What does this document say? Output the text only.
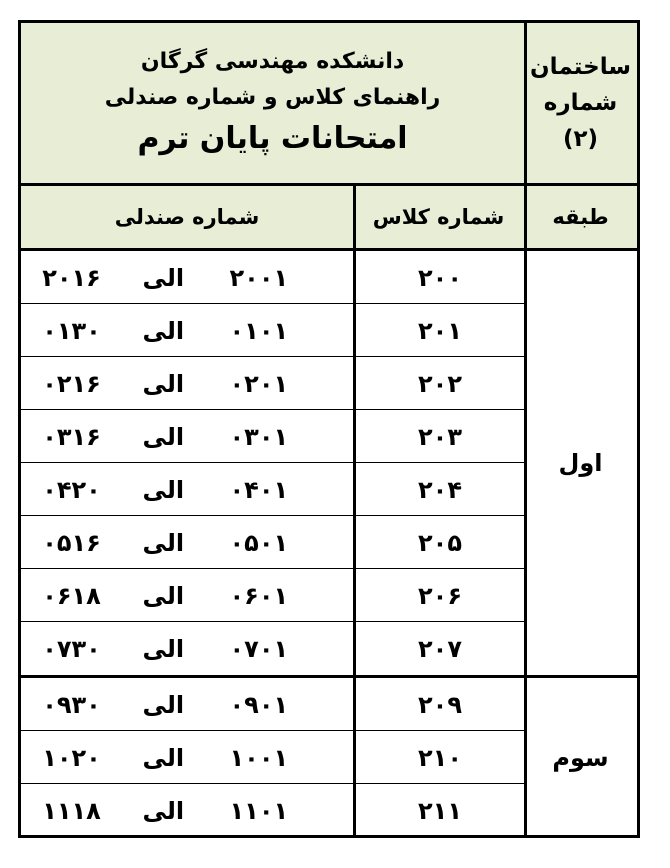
ساختمان
شماره
(۲)
دانشکده مهندسی گرگان
راهنمای کلاس و شماره صندلی
امتحانات پایان ترم
طبقه
شماره کلاس
شماره صندلی
اول
سوم
۲۰۰
۲۰۰۱
الی
۲۰۱۶
۲۰۱
۰۱۰۱
الی
۰۱۳۰
۲۰۲
۰۲۰۱
الی
۰۲۱۶
۲۰۳
۰۳۰۱
الی
۰۳۱۶
۲۰۴
۰۴۰۱
الی
۰۴۲۰
۲۰۵
۰۵۰۱
الی
۰۵۱۶
۲۰۶
۰۶۰۱
الی
۰۶۱۸
۲۰۷
۰۷۰۱
الی
۰۷۳۰
۲۰۹
۰۹۰۱
الی
۰۹۳۰
۲۱۰
۱۰۰۱
الی
۱۰۲۰
۲۱۱
۱۱۰۱
الی
۱۱۱۸
